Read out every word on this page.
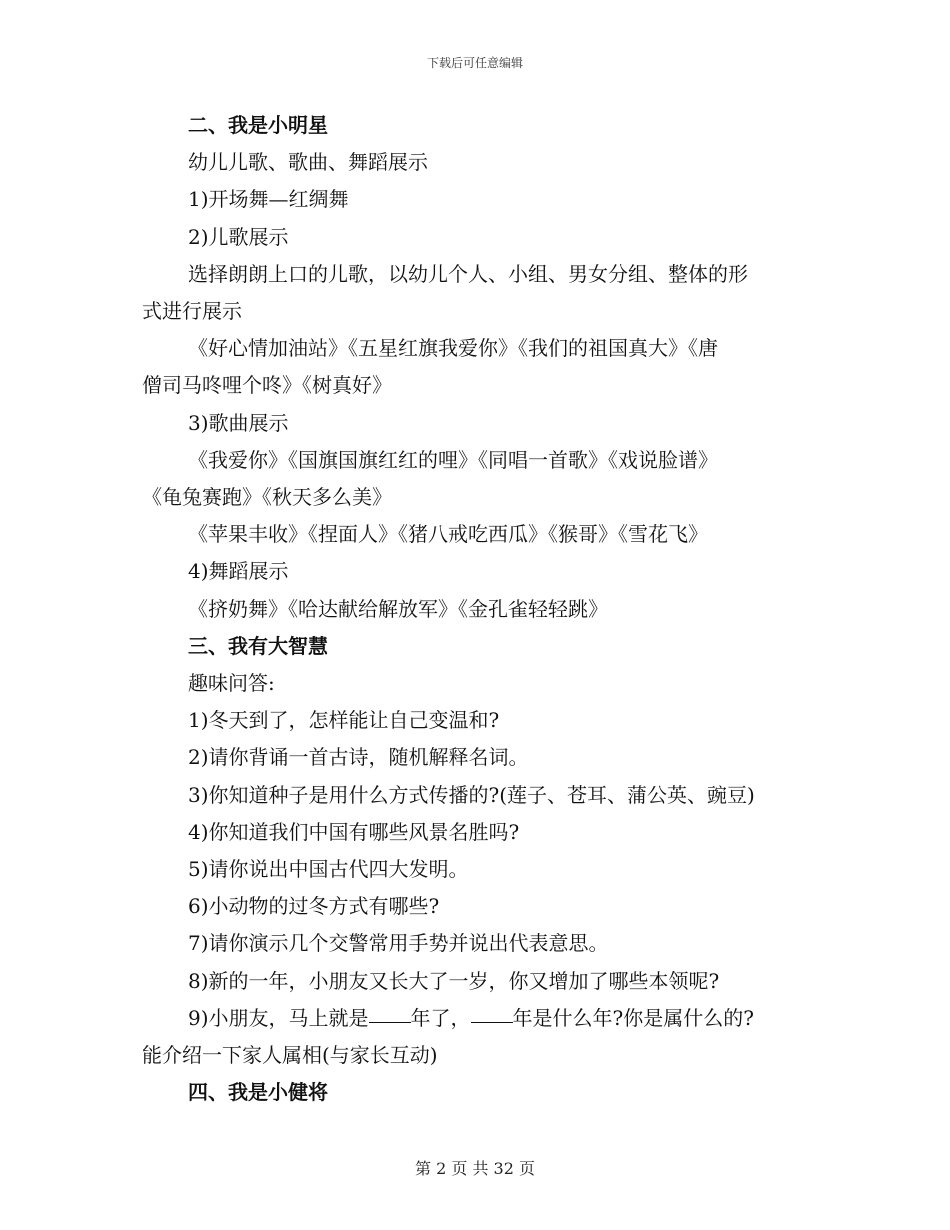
下载后可任意编辑
二、我是小明星
幼儿儿歌、歌曲、舞蹈展示
1)开场舞—红绸舞
2)儿歌展示
选择朗朗上口的儿歌，以幼儿个人、小组、男女分组、整体的形
式进行展示
《好心情加油站》《五星红旗我爱你》《我们的祖国真大》《唐
僧司马咚哩个咚》《树真好》
3)歌曲展示
《我爱你》《国旗国旗红红的哩》《同唱一首歌》《戏说脸谱》
《龟兔赛跑》《秋天多么美》
《苹果丰收》《捏面人》《猪八戒吃西瓜》《猴哥》《雪花飞》
4)舞蹈展示
《挤奶舞》《哈达献给解放军》《金孔雀轻轻跳》
三、我有大智慧
趣味问答:
1)冬天到了，怎样能让自己变温和?
2)请你背诵一首古诗，随机解释名词。
3)你知道种子是用什么方式传播的?(莲子、苍耳、蒲公英、豌豆)
4)你知道我们中国有哪些风景名胜吗?
5)请你说出中国古代四大发明。
6)小动物的过冬方式有哪些?
7)请你演示几个交警常用手势并说出代表意思。
8)新的一年，小朋友又长大了一岁，你又增加了哪些本领呢?
9)小朋友，马上就是 年了， 年是什么年?你是属什么的?
能介绍一下家人属相(与家长互动)
四、我是小健将
第 2 页 共 32 页
